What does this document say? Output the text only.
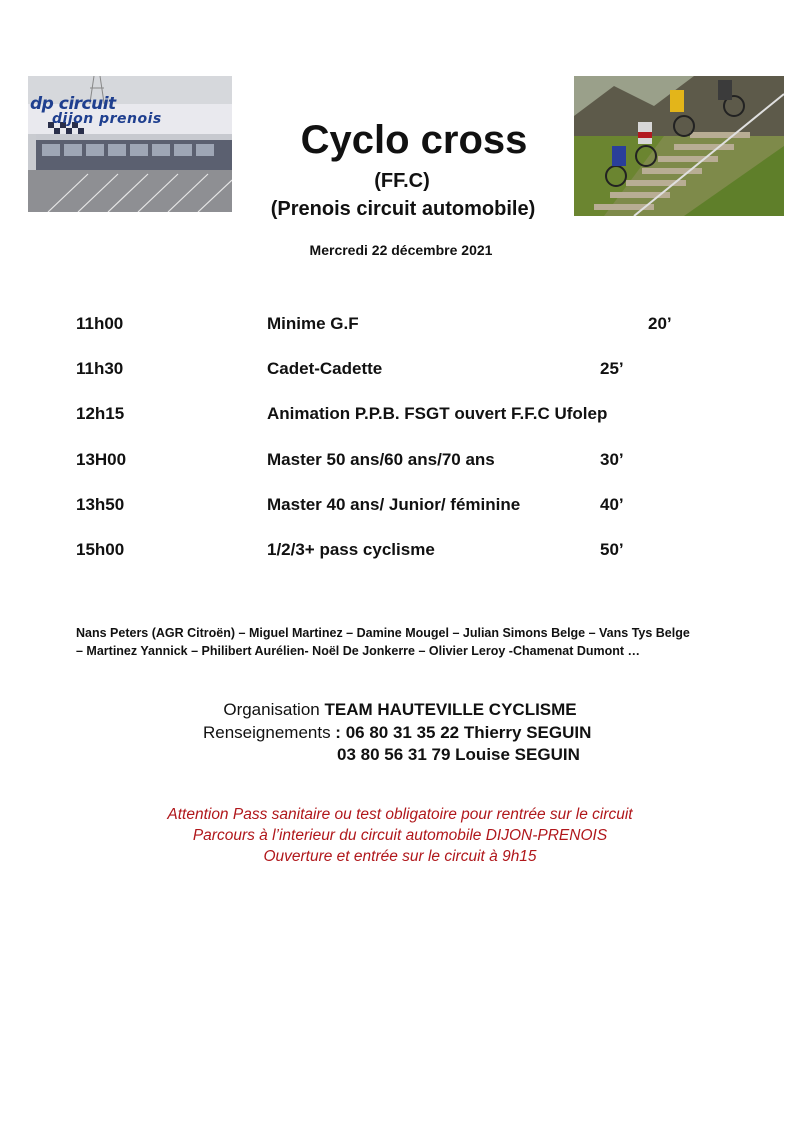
dp circuit
dijon prenois	Cyclo cross
(FF.C)
(Prenois circuit automobile)
Mercredi 22 décembre 2021
11h00	Minime G.F	20’
11h30	Cadet-Cadette	25’
12h15	Animation P.P.B. FSGT ouvert F.F.C Ufolep
13H00	Master 50 ans/60 ans/70 ans	30’
13h50	Master 40 ans/ Junior/ féminine	40’
15h00	1/2/3+ pass cyclisme	50’
Nans Peters (AGR Citroën) – Miguel Martinez – Damine Mougel – Julian Simons Belge – Vans Tys Belge
– Martinez Yannick – Philibert Aurélien- Noël De Jonkerre – Olivier Leroy -Chamenat Dumont …
Organisation TEAM HAUTEVILLE CYCLISME
Renseignements : 06 80 31 35 22 Thierry SEGUIN
03 80 56 31 79 Louise SEGUIN
Attention Pass sanitaire ou test obligatoire pour rentrée sur le circuit
Parcours à l’interieur du circuit automobile DIJON-PRENOIS
Ouverture et entrée sur le circuit à 9h15
